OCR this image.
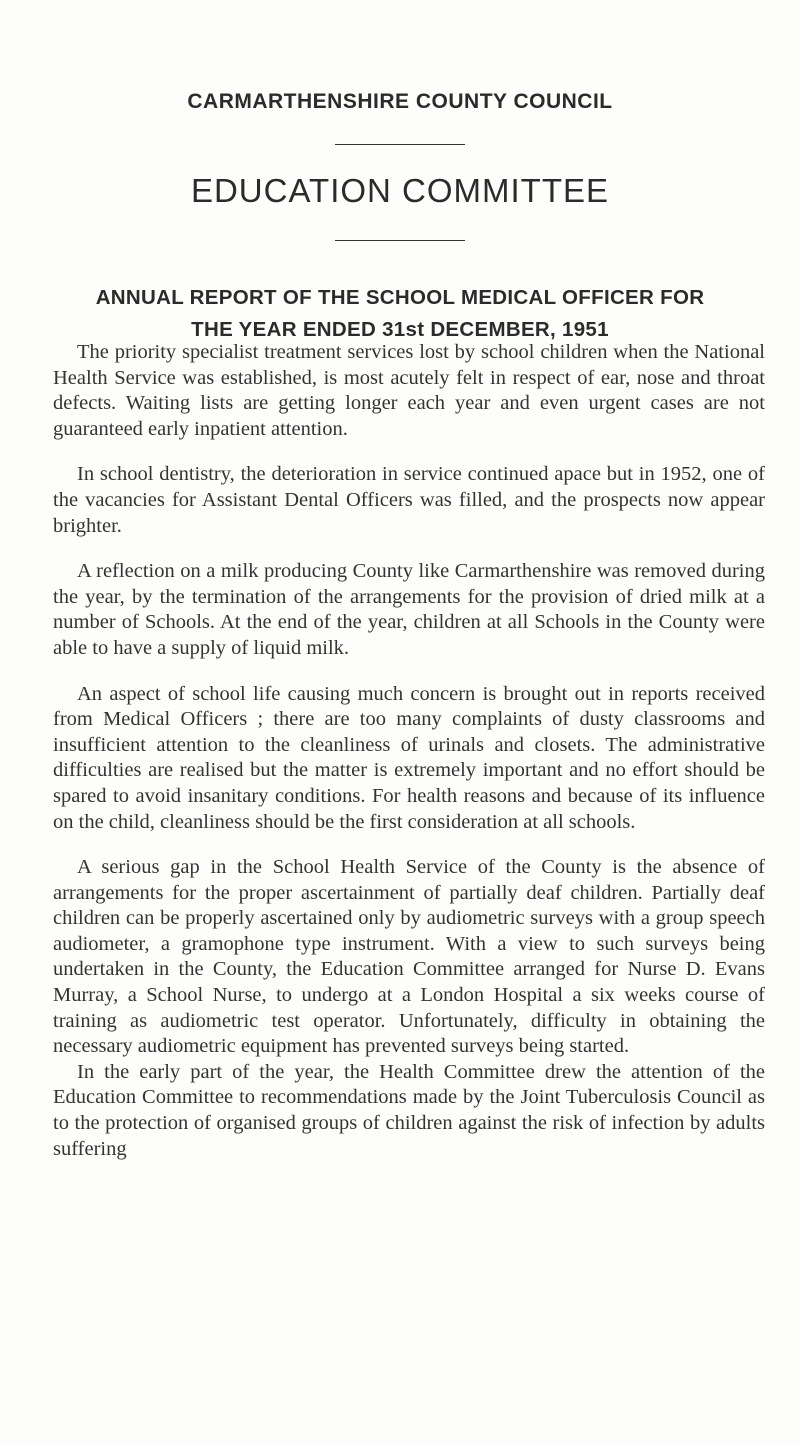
CARMARTHENSHIRE COUNTY COUNCIL
EDUCATION COMMITTEE
ANNUAL REPORT OF THE SCHOOL MEDICAL OFFICER FOR
THE YEAR ENDED 31st DECEMBER, 1951

The priority specialist treatment services lost by school children when the National Health Service was established, is most acutely felt in respect of ear, nose and throat defects. Waiting lists are getting longer each year and even urgent cases are not guaranteed early inpatient attention.

In school dentistry, the deterioration in service continued apace but in 1952, one of the vacancies for Assistant Dental Officers was filled, and the prospects now appear brighter.

A reflection on a milk producing County like Carmarthenshire was removed during the year, by the termination of the arrangements for the provision of dried milk at a number of Schools. At the end of the year, children at all Schools in the County were able to have a supply of liquid milk.

An aspect of school life causing much concern is brought out in reports received from Medical Officers ; there are too many complaints of dusty classrooms and insufficient attention to the cleanliness of urinals and closets. The administrative difficulties are realised but the matter is extremely important and no effort should be spared to avoid insanitary conditions. For health reasons and because of its influence on the child, cleanliness should be the first consideration at all schools.

A serious gap in the School Health Service of the County is the absence of arrangements for the proper ascertainment of partially deaf children. Partially deaf children can be properly ascertained only by audiometric surveys with a group speech audiometer, a gramophone type instrument. With a view to such surveys being undertaken in the County, the Education Committee arranged for Nurse D. Evans Murray, a School Nurse, to undergo at a London Hospital a six weeks course of training as audiometric test operator. Unfortunately, difficulty in obtaining the necessary audiometric equipment has prevented surveys being started.

In the early part of the year, the Health Committee drew the attention of the Education Committee to recommendations made by the Joint Tuberculosis Council as to the protection of organised groups of children against the risk of infection by adults suffering
